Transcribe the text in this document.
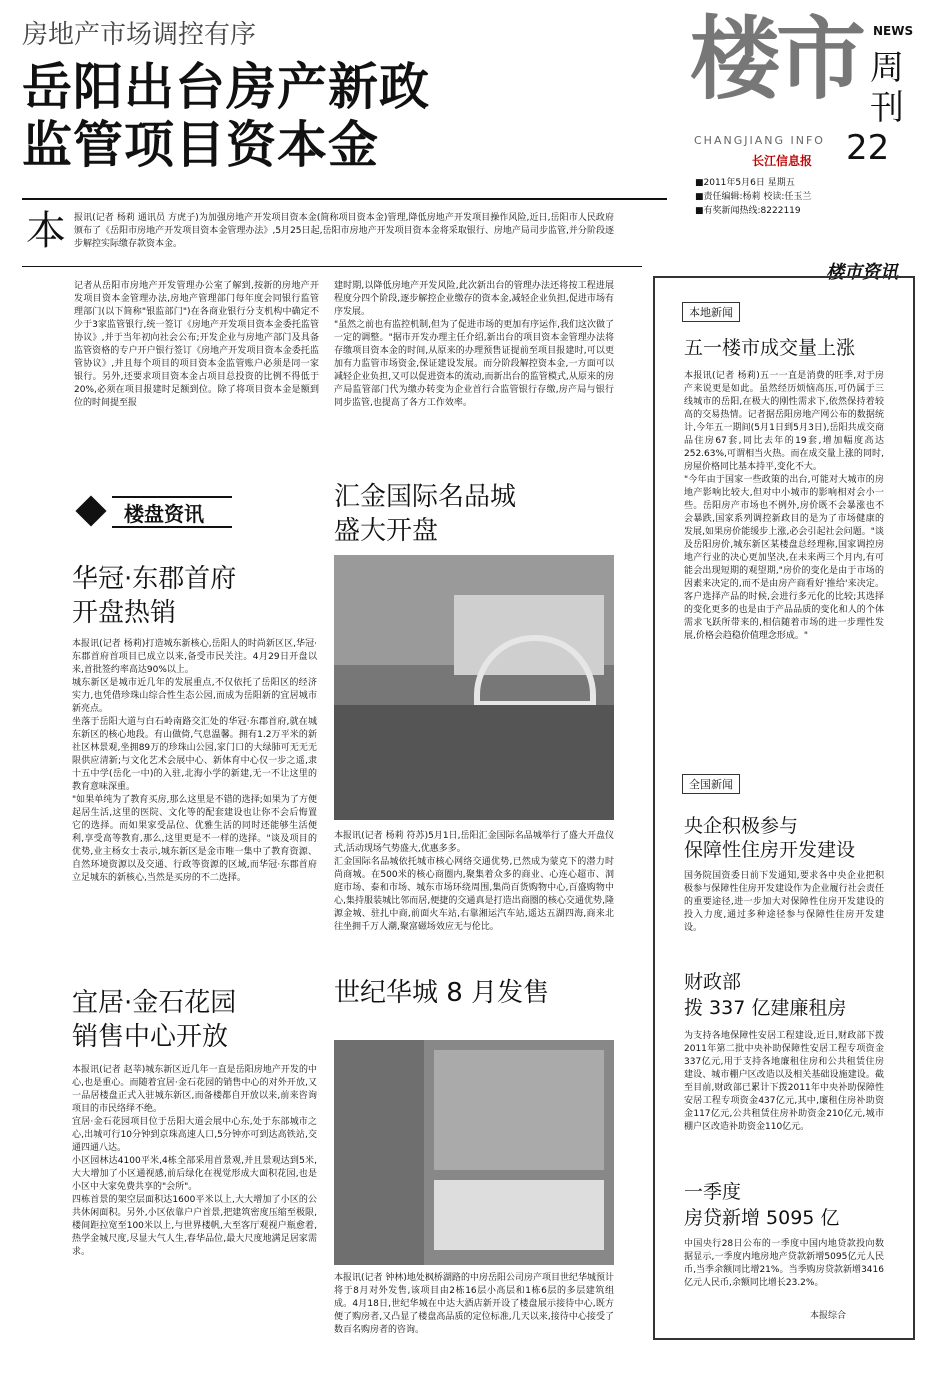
房地产市场调控有序
岳阳出台房产新政
监管项目资本金
楼市 NEWS
周
刊
CHANGJIANG INFO
长江信息报 22
■2011年5月6日 星期五
■责任编辑:杨莉 校读:任玉兰
■有奖新闻热线:8222119
本 报讯(记者 杨莉 通讯员 方虎子)为加强房地产开发项目资本金(简称项目资本金)管理,降低房地产开发项目操作风险,近日,岳阳市人民政府颁布了《岳阳市房地产开发项目资本金管理办法》,5月25日起,岳阳市房地产开发项目资本金将采取银行、房地产局司步监管,并分阶段逐步解控实际缴存款资本金。

记者从岳阳市房地产开发管理办公室了解到,按新的房地产开发项目资本金管理办法,房地产管理部门每年度会同银行监管理部门(以下简称"银监部门")在各商业银行分支机构中确定不少于3家监管银行,统一签订《房地产开发项目资本金委托监管协议》,并于当年初向社会公布;开发企业与房地产部门及具备监管资格的专户开户银行签订《房地产开发项目资本金委托监管协议》,并且每个项目的项目资本金监管账户必须是同一家银行。另外,还要求项目资本金占项目总投资的比例不得低于20%,必须在项目报建时足额到位。除了将项目资本金是额到位的时间提至报

建时期,以降低房地产开发风险,此次新出台的管理办法还将按工程进展程度分四个阶段,逐步解控企业缴存的资本金,减轻企业负担,促进市场有序发展。
"虽然之前也有监控机制,但为了促进市场的更加有序运作,我们这次做了一定的调整。"据市开发办理主任介绍,新出台的项目资本金管理办法将存缴项目资本金的时间,从原来的办理预售证提前至项目报建时,可以更加有力监管市场资金,保证建设发展。而分阶段解控资本金,一方面可以减轻企业负担,又可以促进资本的流动,而新出台的监管模式,从原来的房产局监管部门代为缴办转变为企业首行合监管银行存缴,房产局与银行同步监管,也提高了各方工作效率。

楼盘资讯
华冠·东郡首府
开盘热销

本报讯(记者 杨莉)打造城东新核心,岳阳人的时尚新区区,华冠·东郡首府首项目已成立以来,备受市民关注。4月29日开盘以来,首批签约率高达90%以上。
城东新区是城市近几年的发展重点,不仅依托了岳阳区的经济实力,也凭借珍珠山综合性生态公园,而成为岳阳新的宜居城市新亮点。
坐落于岳阳大道与白石岭南路交汇处的华冠·东郡首府,就在城东新区的核心地段。有山做倚,气息温馨。拥有1.2万平米的新社区林景观,坐拥89万的珍珠山公园,家门口的大绿肺可无无无限供应清新;与文化艺术会展中心、新体育中心仅一步之遥,隶十五中学(岳化一中)的入驻,北海小学的新建,无一不让这里的教育意味深重。
"如果单纯为了教育买房,那么这里是不错的选择;如果为了方便起居生活,这里的医院、文化等的配套建设也让你不会后悔置它的选择。而如果家受品位、优雅生活的同时还能够生活便利,享受高等教育,那么,这里更是不一样的选择。"谈及项目的优势,业主杨女士表示,城东新区是金市唯一集中了教育资源、自然环境资源以及交通、行政等资源的区域,而华冠·东郡首府立足城东的新核心,当然是买房的不二选择。

汇金国际名品城
盛大开盘

本报讯(记者 杨莉 符苏)5月1日,岳阳汇金国际名品城举行了盛大开盘仪式,活动现场气势盛大,优惠多多。
汇金国际名品城依托城市核心网络交通优势,已然成为蒙克下的潜力时尚商城。在500米的核心商圈内,聚集着众多的商业、心连心超市、洞庭市场、泰和市场、城东市场环绕周围,集尚百货购物中心,百盛购物中心,集持服装城比邻而居,便捷的交通真是打造出商圈的核心交通优势,隆源金城、驻扎中商,前面火车站,右靠湘运汽车站,遥达五湖四海,商来北往坐拥千万人潮,聚富磁场效应无与伦比。

宜居·金石花园
销售中心开放

本报讯(记者 赵莘)城东新区近几年一直是岳阳房地产开发的中心,也是重心。而随着宜居·金石花园的销售中心的对外开放,又一品居楼盘正式入驻城东新区,而备楼都自开放以来,前来咨询项目的市民络绎不绝。
宜居·金石花园项目位于岳阳大道会展中心东,处于东部城市之心,出城可行10分钟到京珠高速人口,5分钟亦可到达高铁站,交通四通八达。
小区园林达4100平米,4栋全部采用首景观,并且景观达到5米,大大增加了小区通视感,前后绿化在视觉形成大面积花园,也是小区中大家免费共享的"会所"。
四栋首景的架空层面积达1600平米以上,大大增加了小区的公共休闲面积。另外,小区依靠户户首景,把建筑密度压缩至极限,楼间距拉宽至100米以上,与世界楼帆,大至客厅观视户瓶愈着,热学金城尺度,尽显大气人生,春华品位,最大尺度地满足居家需求。

世纪华城 8 月发售

本报讯(记者 钟林)地处枫桥湖路的中房岳阳公司房产项目世纪华城预计将于8月对外发售,该项目由2栋16层小高层和1栋6层的多层建筑组成。4月18日,世纪华城在中达大酒店新开设了楼盘展示接待中心,既方便了购房者,又凸显了楼盘高品质的定位标准,几天以来,接待中心接受了数百名购房者的咨询。

楼市资讯
本地新闻
五一楼市成交量上涨

本报讯(记者 杨莉)五一一直是消费的旺季,对于房产来说更是如此。虽然经历烦恼高压,可仍属于三线城市的岳阳,在极大的刚性需求下,依然保持着较高的交易热情。记者据岳阳房地产网公布的数据统计,今年五一期间(5月1日到5月3日),岳阳共成交商品住房67套,同比去年的19套,增加幅度高达252.63%,可谓相当火热。而在成交量上涨的同时,房屋价格同比基本持平,变化不大。
"今年由于国家一些政策的出台,可能对大城市的房地产影响比较大,但对中小城市的影响相对会小一些。岳阳房产市场也不例外,房价既不会暴涨也不会暴跌,国家系列调控新政目的是为了市场健康的发展,如果房价能缓步上涨,必会引起社会问题。"谈及岳阳房价,城东新区某楼盘总经理称,国家调控房地产行业的决心更加坚决,在未来两三个月内,有可能会出现短期的观望期,"房价的变化是由于市场的因素来决定的,而不是由房产商看好'推给'来决定。客户选择产品的时候,会进行多元化的比较;其选择的变化更多的也是由于产品品质的变化和人的个体需求飞跃所带来的,相信随着市场的进一步理性发展,价格会趋稳价值理念形成。"

全国新闻
央企积极参与
保障性住房开发建设

国务院国资委日前下发通知,要求各中央企业把积极参与保障性住房开发建设作为企业履行社会责任的重要途径,进一步加大对保障性住房开发建设的投入力度,通过多种途径参与保障性住房开发建设。

财政部
拨 337 亿建廉租房

为支持各地保障性安居工程建设,近日,财政部下拨2011年第二批中央补助保障性安居工程专项资金337亿元,用于支持各地廉租住房和公共租赁住房建设、城市棚户区改造以及相关基础设施建设。截至目前,财政部已累计下拨2011年中央补助保障性安居工程专项资金437亿元,其中,廉租住房补助资金117亿元,公共租赁住房补助资金210亿元,城市棚户区改造补助资金110亿元。

一季度
房贷新增 5095 亿

中国央行28日公布的一季度中国内地贷款投向数据显示,一季度内地房地产贷款新增5095亿元人民币,当季余额同比增21%。当季购房贷款新增3416亿元人民币,余额同比增长23.2%。

本报综合
